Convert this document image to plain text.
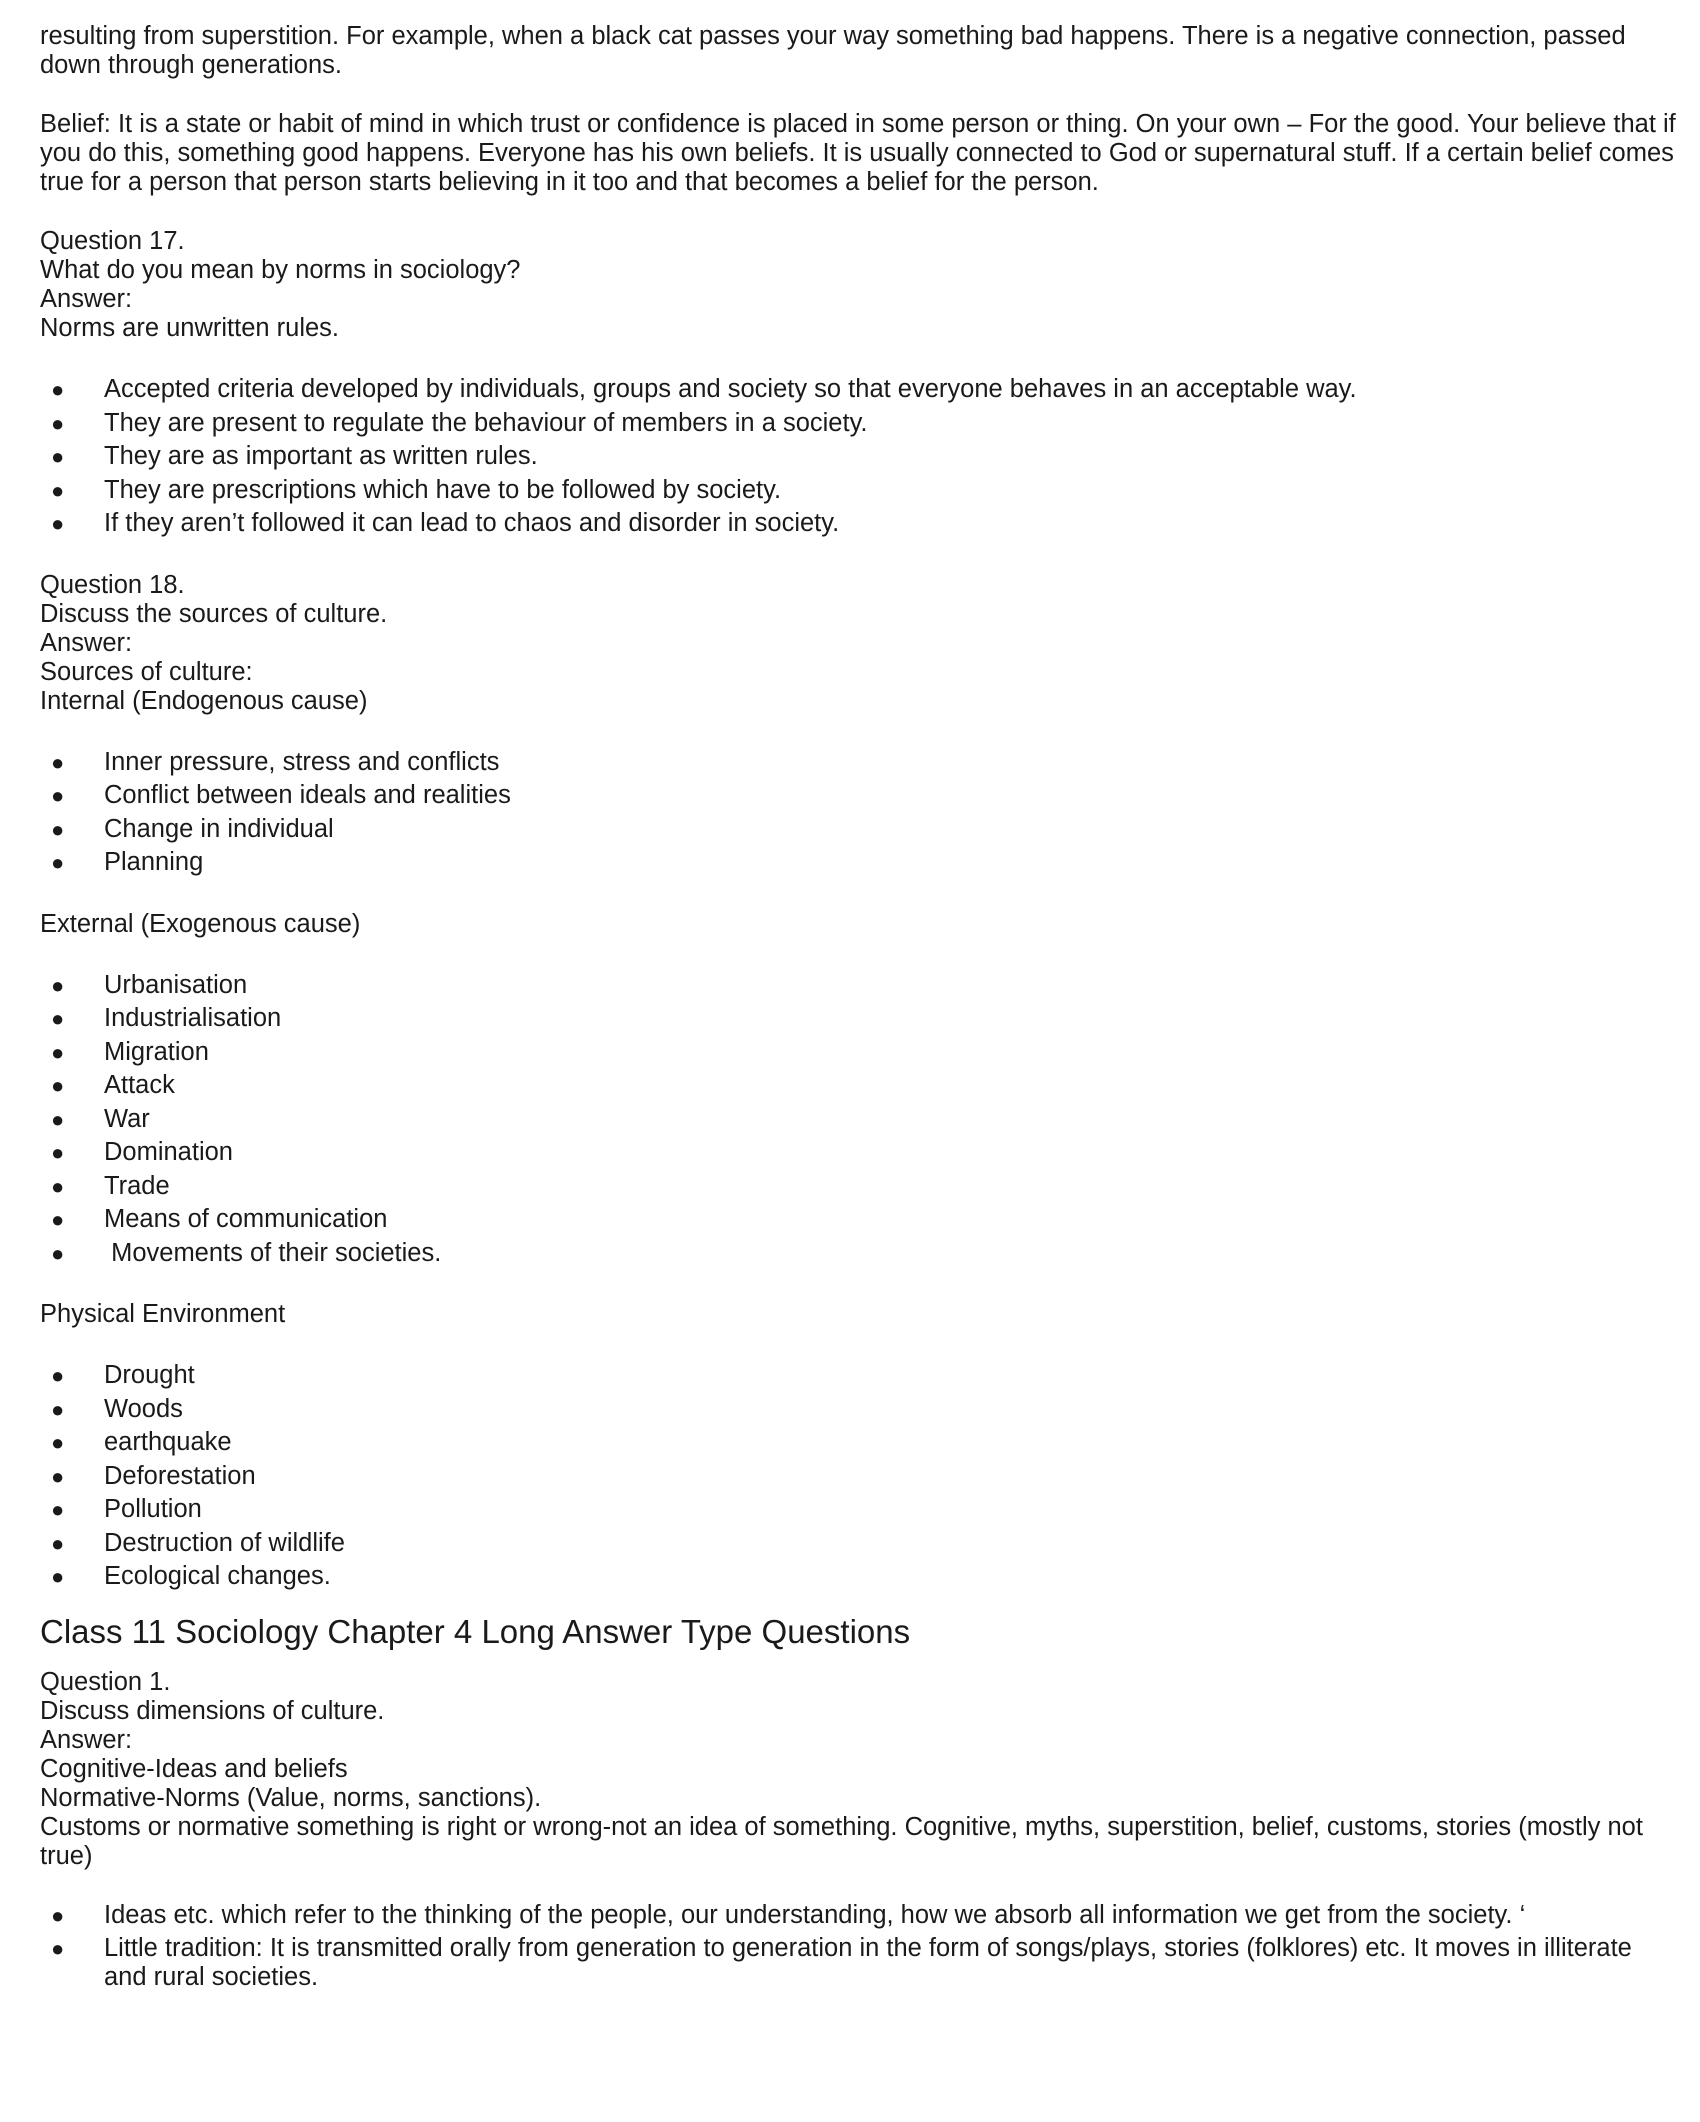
resulting from superstition. For example, when a black cat passes your way something bad happens. There is a negative connection, passed down through generations.

Belief: It is a state or habit of mind in which trust or confidence is placed in some person or thing. On your own – For the good. Your believe that if you do this, something good happens. Everyone has his own beliefs. It is usually connected to God or supernatural stuff. If a certain belief comes true for a person that person starts believing in it too and that becomes a belief for the person.

Question 17.

What do you mean by norms in sociology?

Answer:

Norms are unwritten rules.

● Accepted criteria developed by individuals, groups and society so that everyone behaves in an acceptable way.
● They are present to regulate the behaviour of members in a society.
● They are as important as written rules.
● They are prescriptions which have to be followed by society.
● If they aren’t followed it can lead to chaos and disorder in society.

Question 18.

Discuss the sources of culture.

Answer:

Sources of culture:

Internal (Endogenous cause)

● Inner pressure, stress and conflicts
● Conflict between ideals and realities
● Change in individual
● Planning

External (Exogenous cause)

● Urbanisation
● Industrialisation
● Migration
● Attack
● War
● Domination
● Trade
● Means of communication
● Movements of their societies.

Physical Environment

● Drought
● Woods
● earthquake
● Deforestation
● Pollution
● Destruction of wildlife
● Ecological changes.
Class 11 Sociology Chapter 4 Long Answer Type Questions

Question 1.

Discuss dimensions of culture.

Answer:

Cognitive-Ideas and beliefs

Normative-Norms (Value, norms, sanctions).

Customs or normative something is right or wrong-not an idea of something. Cognitive, myths, superstition, belief, customs, stories (mostly not true)

● Ideas etc. which refer to the thinking of the people, our understanding, how we absorb all information we get from the society. ‘
● Little tradition: It is transmitted orally from generation to generation in the form of songs/plays, stories (folklores) etc. It moves in illiterate and rural societies.
